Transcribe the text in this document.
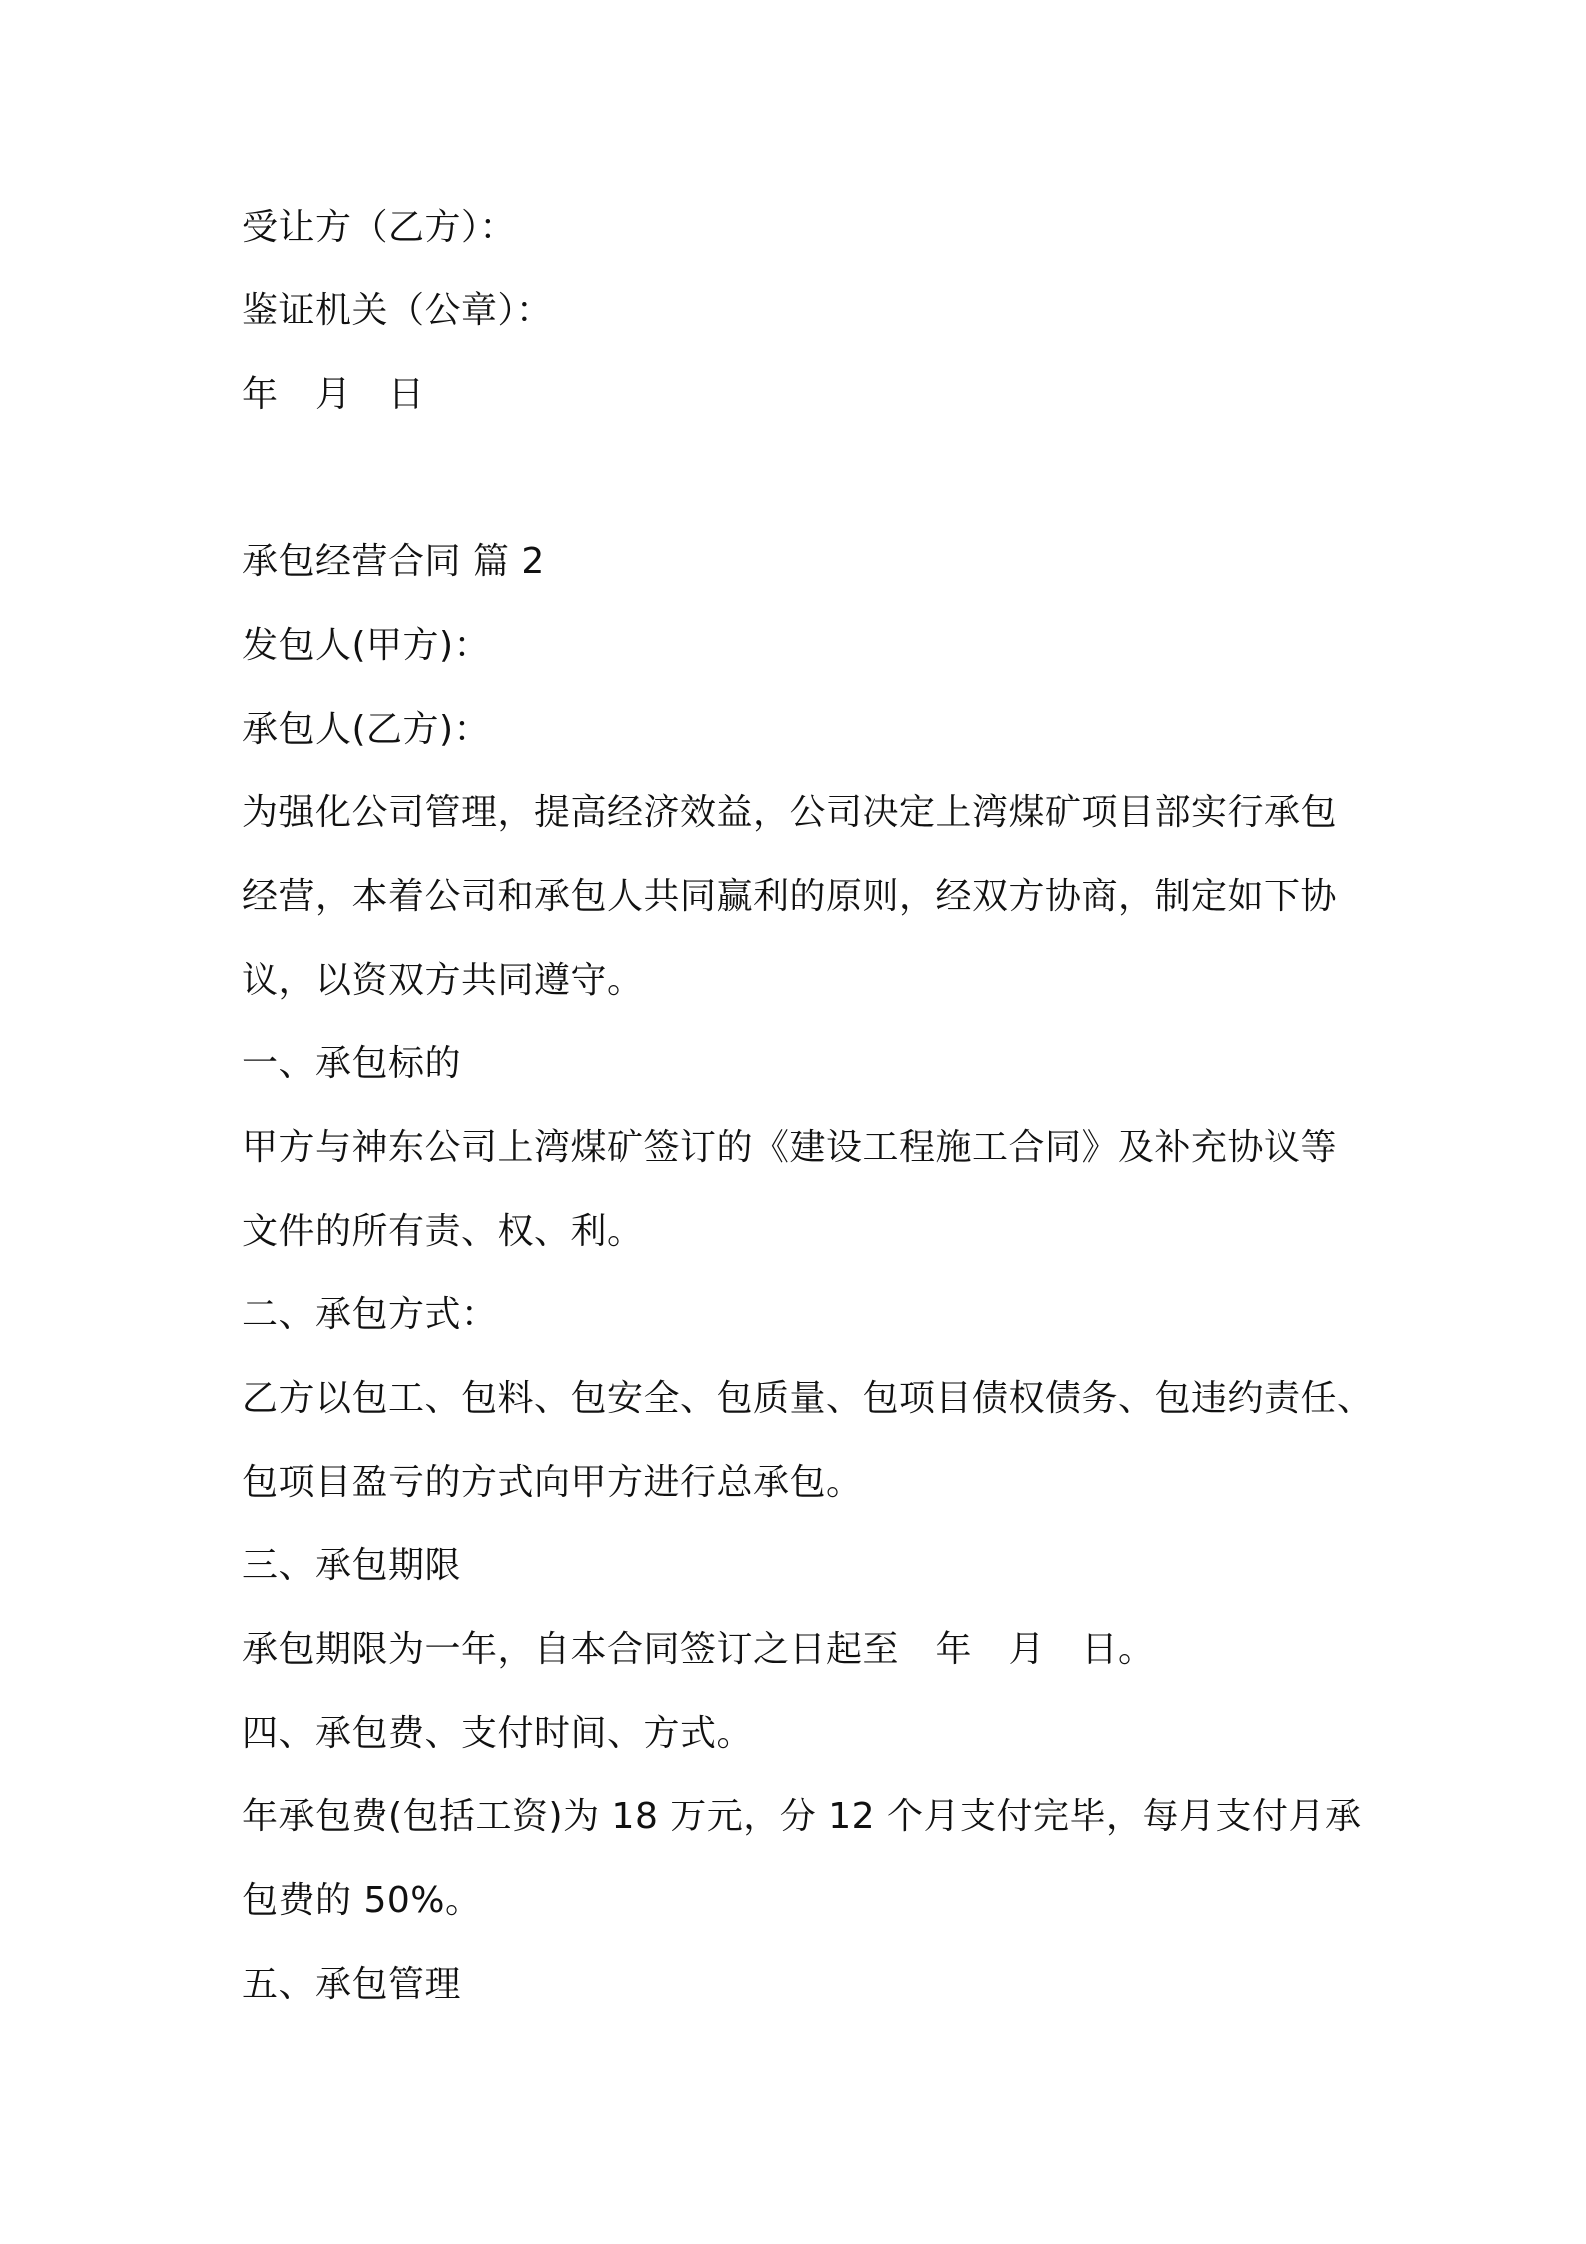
受让方（乙方）：
鉴证机关（公章）：
年　月　日
承包经营合同 篇 2
发包人(甲方)：
承包人(乙方)：
为强化公司管理，提高经济效益，公司决定上湾煤矿项目部实行承包
经营，本着公司和承包人共同赢利的原则，经双方协商，制定如下协
议，以资双方共同遵守。
一、承包标的
甲方与神东公司上湾煤矿签订的《建设工程施工合同》及补充协议等
文件的所有责、权、利。
二、承包方式：
乙方以包工、包料、包安全、包质量、包项目债权债务、包违约责任、
包项目盈亏的方式向甲方进行总承包。
三、承包期限
承包期限为一年，自本合同签订之日起至　年　月　日。
四、承包费、支付时间、方式。
年承包费(包括工资)为 18 万元，分 12 个月支付完毕，每月支付月承
包费的 50%。
五、承包管理
